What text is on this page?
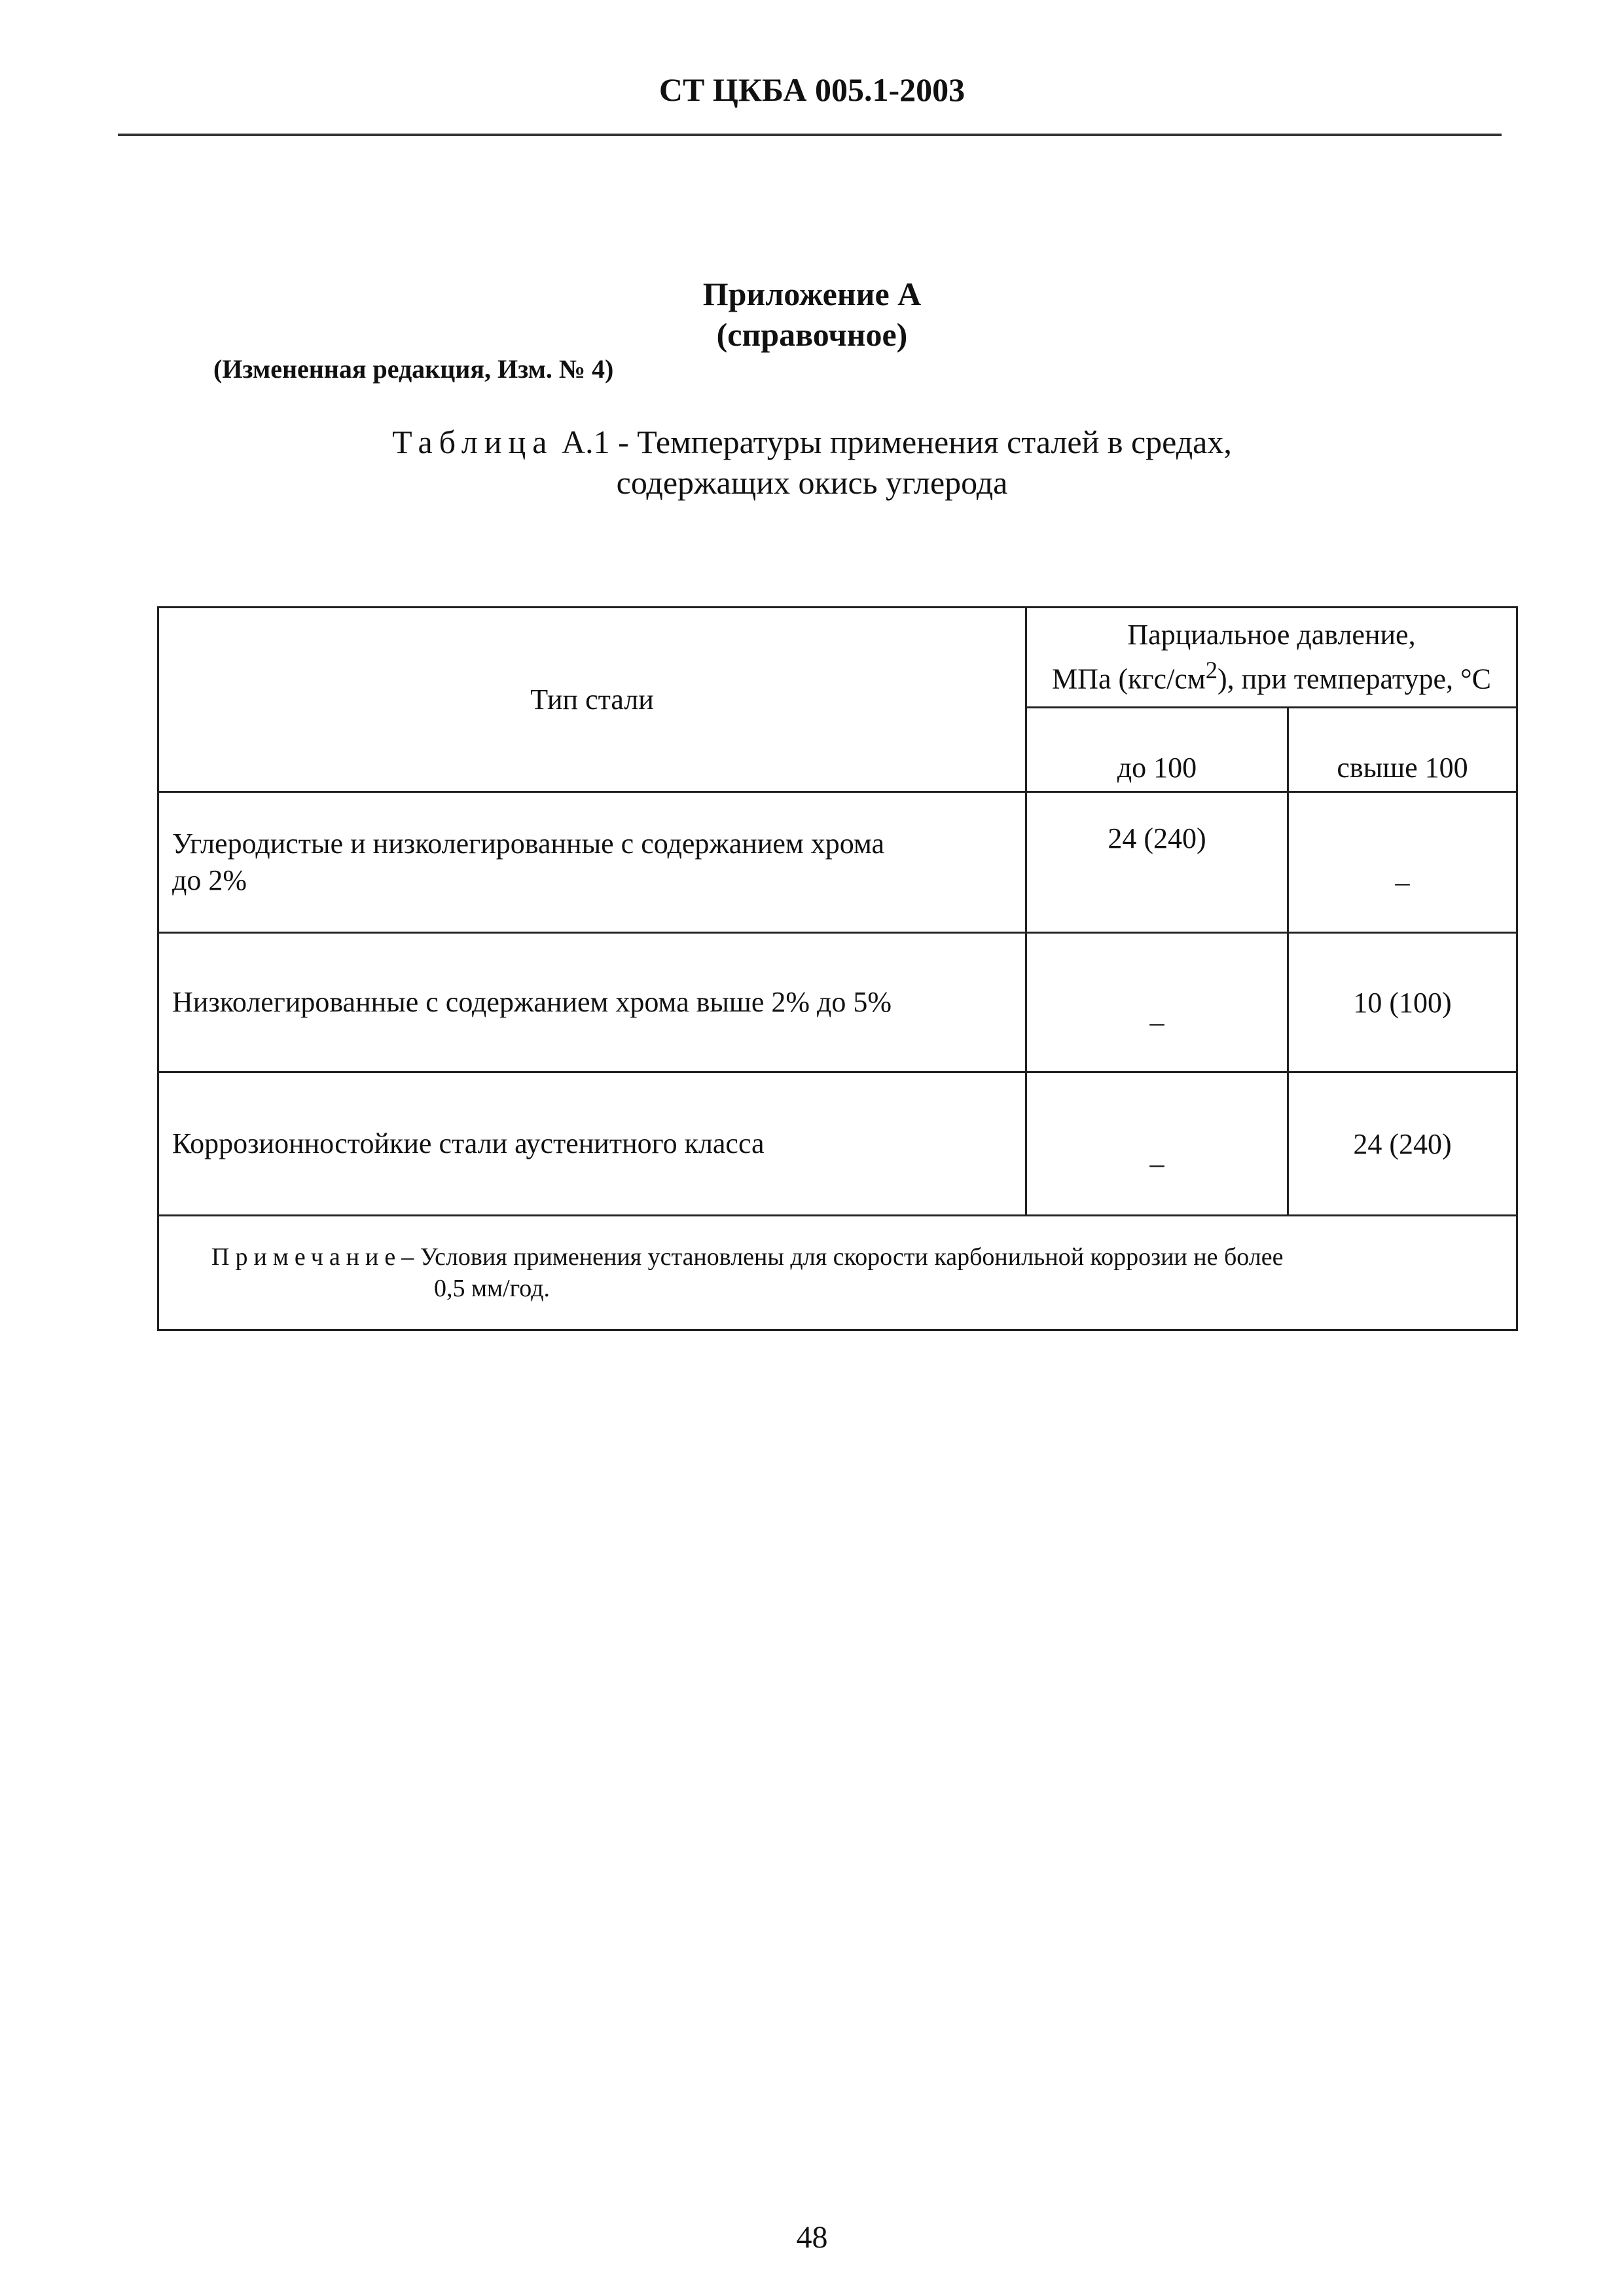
СТ ЦКБА 005.1-2003
Приложение А
(справочное)
(Измененная редакция, Изм. № 4)
Таблица А.1 - Температуры применения сталей в средах,
содержащих окись углерода
Тип стали	Парциальное давление,
МПа $(кгс/см^2)$, при температуре, °С	
	до 100	свыше 100
Углеродистые и низколегированные с содержанием хрома
до 2%	24 (240)	_
Низколегированные с содержанием хрома выше 2% до 5%	_	10 (100)
Коррозионностойкие стали аустенитного класса	_	24 (240)
Примечание– Условия применения установлены для скорости карбонильной коррозии не более
0,5 мм/год.		
48
